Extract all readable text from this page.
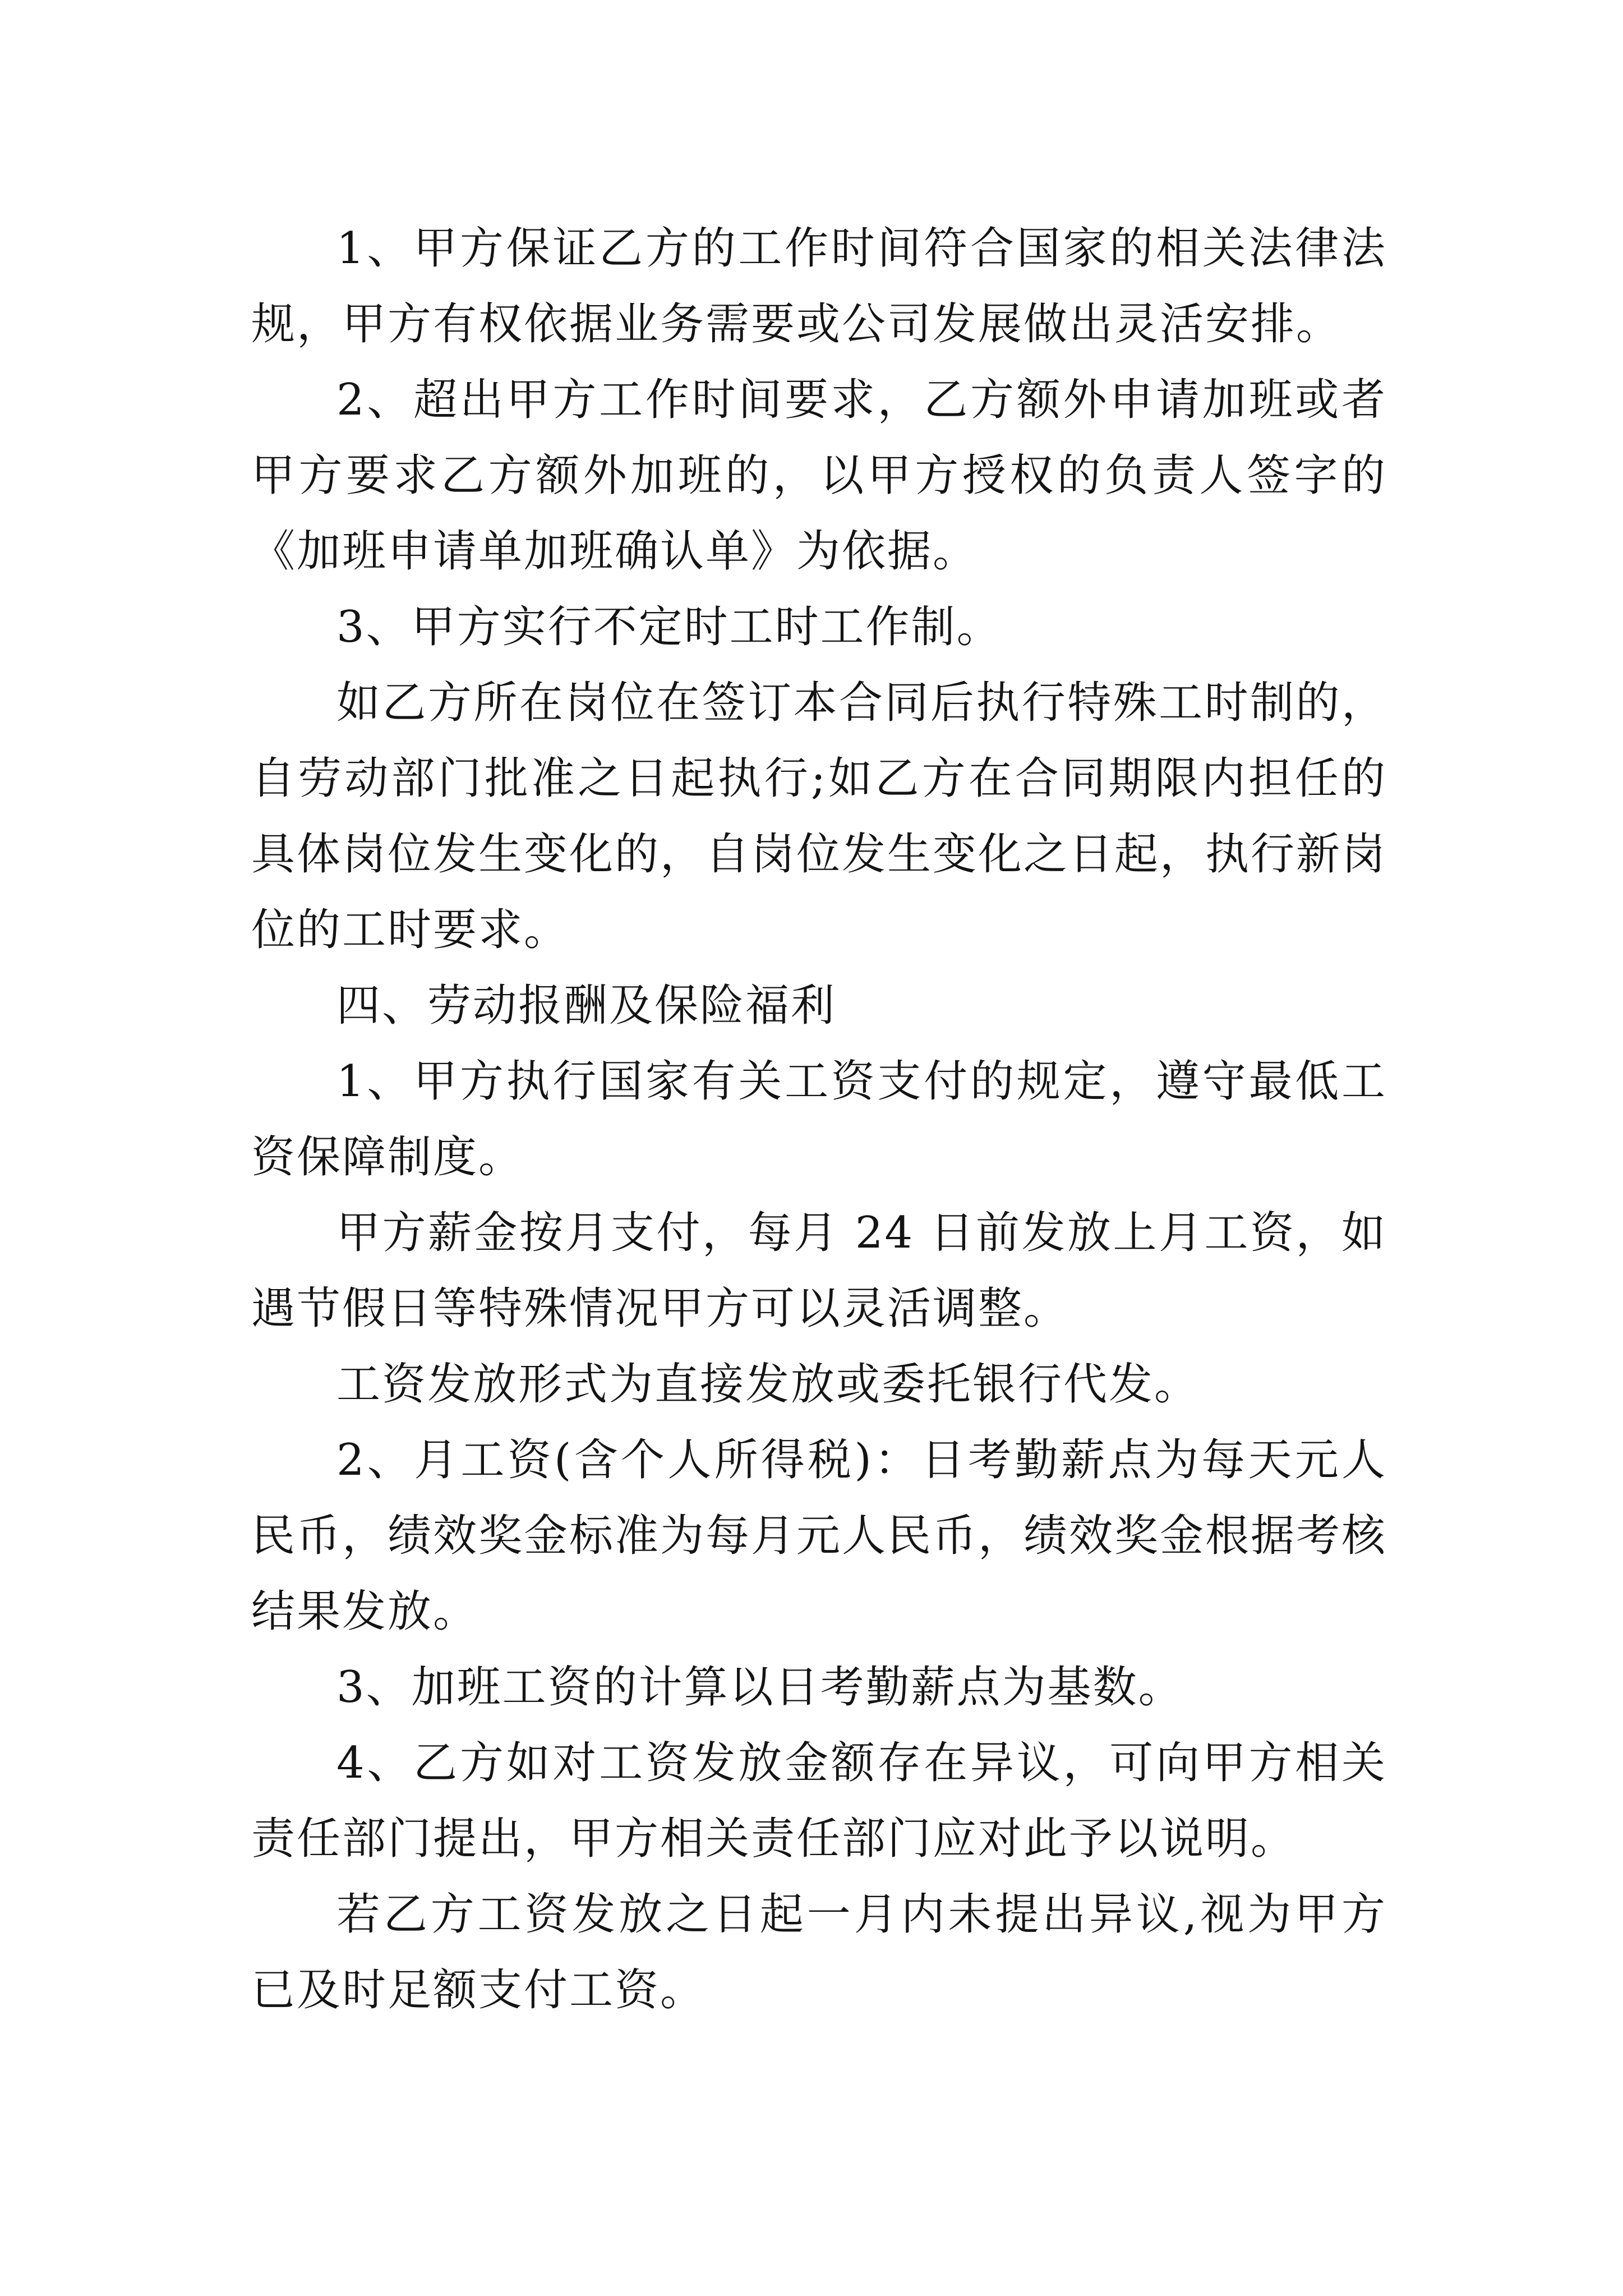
1、甲方保证乙方的工作时间符合国家的相关法律法规，甲方有权依据业务需要或公司发展做出灵活安排。

2、超出甲方工作时间要求，乙方额外申请加班或者甲方要求乙方额外加班的，以甲方授权的负责人签字的《加班申请单加班确认单》为依据。

3、甲方实行不定时工时工作制。

如乙方所在岗位在签订本合同后执行特殊工时制的，自劳动部门批准之日起执行;如乙方在合同期限内担任的具体岗位发生变化的，自岗位发生变化之日起，执行新岗位的工时要求。

四、劳动报酬及保险福利

1、甲方执行国家有关工资支付的规定，遵守最低工资保障制度。

甲方薪金按月支付，每月 24 日前发放上月工资，如遇节假日等特殊情况甲方可以灵活调整。

工资发放形式为直接发放或委托银行代发。

2、月工资(含个人所得税)：日考勤薪点为每天元人民币，绩效奖金标准为每月元人民币，绩效奖金根据考核结果发放。

3、加班工资的计算以日考勤薪点为基数。

4、乙方如对工资发放金额存在异议，可向甲方相关责任部门提出，甲方相关责任部门应对此予以说明。

若乙方工资发放之日起一月内未提出异议,视为甲方已及时足额支付工资。
